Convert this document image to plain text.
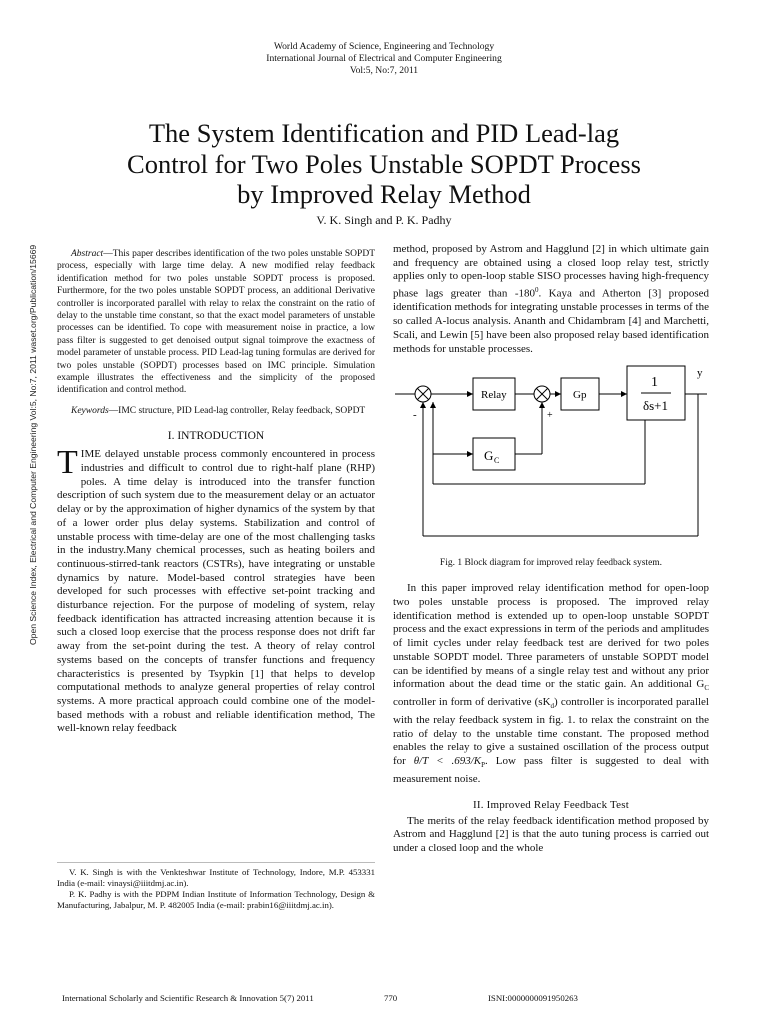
World Academy of Science, Engineering and Technology
International Journal of Electrical and Computer Engineering
Vol:5, No:7, 2011
The System Identification and PID Lead-lag
Control for Two Poles Unstable SOPDT Process
by Improved Relay Method
V. K. Singh and P. K. Padhy
Open Science Index, Electrical and Computer Engineering Vol:5, No:7, 2011 waset.org/Publication/15669	Abstract—This paper describes identification of the two poles unstable SOPDT process, especially with large time delay. A new modified relay feedback identification method for two poles unstable SOPDT process is proposed. Furthermore, for the two poles unstable SOPDT process, an additional Derivative controller is incorporated parallel with relay to relax the constraint on the ratio of delay to the unstable time constant, so that the exact model parameters of unstable processes can be identified. To cope with measurement noise in practice, a low pass filter is suggested to get denoised output signal toimprove the exactness of model parameter of unstable process. PID Lead-lag tuning formulas are derived for two poles unstable (SOPDT) processes based on IMC principle. Simulation example illustrates the effectiveness and the simplicity of the proposed identification and control method.

Keywords—IMC structure, PID Lead-lag controller, Relay feedback, SOPDT

I. INTRODUCTION

TIME delayed unstable process commonly encountered in process industries and difficult to control due to right-half plane (RHP) poles. A time delay is introduced into the transfer function description of such system due to the measurement delay or an actuator delay or by the approximation of higher dynamics of the system by that of a lower order plus delay systems. Stabilization and control of unstable process with time-delay are one of the most challenging tasks in the industry.Many chemical processes, such as heating boilers and continuous-stirred-tank reactors (CSTRs), have integrating or unstable dynamics by nature. Model-based control strategies have been developed for such processes with effective set-point tracking and disturbance rejection. For the purpose of modeling of system, relay feedback identification has attracted increasing attention because it is such a closed loop exercise that the process response does not drift far away from the set-point during the test. A theory of relay control systems based on the concepts of transfer functions and frequency characteristics is presented by Tsypkin [1] that helps to develop computational methods to analyze general properties of relay control systems. A more practical approach could combine one of the model-based methods with a robust and reliable identification method, The well-known relay feedback

V. K. Singh is with the Venkteshwar Institute of Technology, Indore, M.P. 453331 India (e-mail: vinaysi@iiitdmj.ac.in).

P. K. Padhy is with the PDPM Indian Institute of Information Technology, Design & Manufacturing, Jabalpur, M. P. 482005 India (e-mail: prabin16@iiitdmj.ac.in).

method, proposed by Astrom and Hagglund [2] in which ultimate gain and frequency are obtained using a closed loop relay test, strictly applies only to open-loop stable SISO processes having high-frequency phase lags greater than $-180^0$. Kaya and Atherton [3] proposed identification methods for integrating unstable processes in terms of the so called A-locus analysis. Ananth and Chidambram [4] and Marchetti, Scali, and Lewin [5] have been also proposed relay based identification methods for unstable processes.

Relay	Gp
G C
1
δs+1
y
-	+
Fig. 1 Block diagram for improved relay feedback system.

In this paper improved relay identification method for open-loop two poles unstable process is proposed. The improved relay identification method is extended up to open-loop unstable SOPDT process and the exact expressions in term of the periods and amplitudes of limit cycles under relay feedback test are derived for two poles unstable SOPDT model. Three parameters of unstable SOPDT model can be identified by means of a single relay test and without any prior information about the dead time or the static gain. An additional $G_C$ controller in form of derivative $(sK_d)$ controller is incorporated parallel with the relay feedback system in fig. 1. to relax the constraint on the ratio of delay to the unstable time constant. The proposed method enables the relay to give a sustained oscillation of the process output for $\theta/T < .693/K_P$. Low pass filter is suggested to deal with measurement noise.

II. Improved Relay Feedback Test

The merits of the relay feedback identification method proposed by Astrom and Hagglund [2] is that the auto tuning process is carried out under a closed loop and the whole

International Scholarly and Scientific Research & Innovation 5(7) 2011	770	ISNI:0000000091950263
